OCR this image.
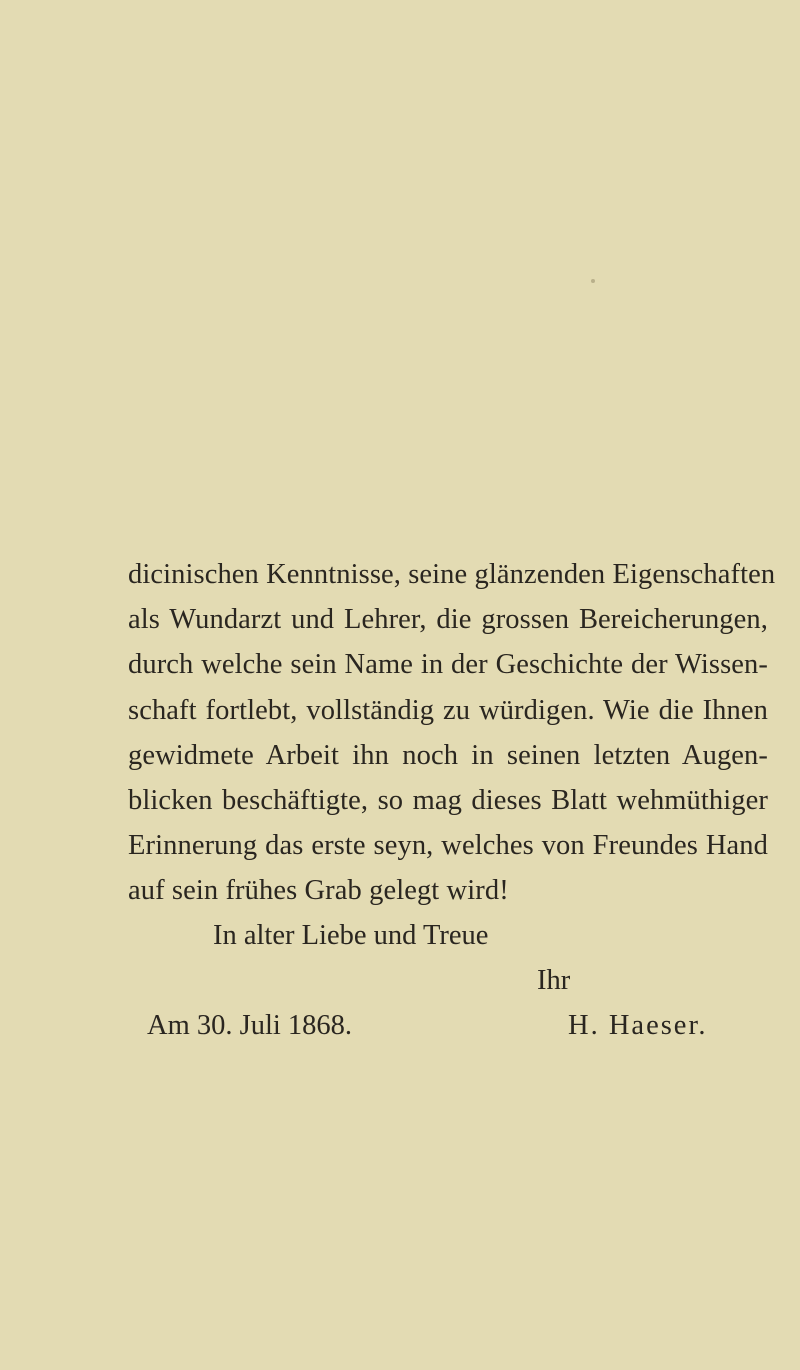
dicinischen Kenntnisse, seine glänzenden Eigenschaften
als Wundarzt und Lehrer, die grossen Bereicherungen,
durch welche sein Name in der Geschichte der Wissen-
schaft fortlebt, vollständig zu würdigen. Wie die Ihnen
gewidmete Arbeit ihn noch in seinen letzten Augen-
blicken beschäftigte, so mag dieses Blatt wehmüthiger
Erinnerung das erste seyn, welches von Freundes Hand
auf sein frühes Grab gelegt wird!
In alter Liebe und Treue
Ihr
Am 30. Juli 1868.	H. Haeser.
